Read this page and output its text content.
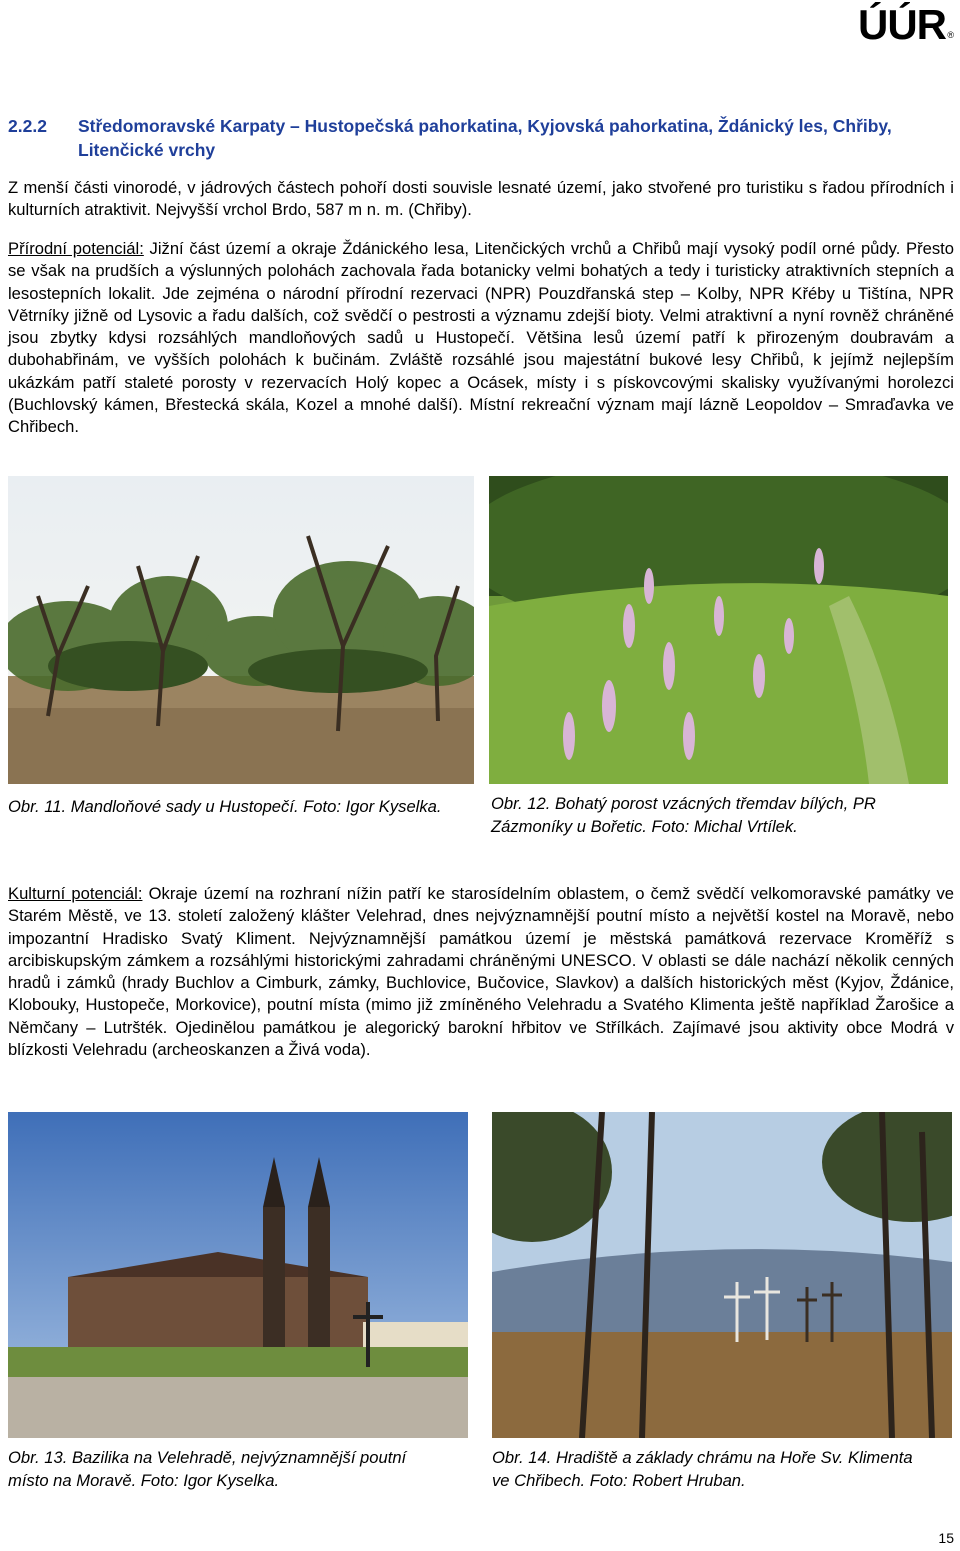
ÚÚR ®
2.2.2	Středomoravské Karpaty – Hustopečská pahorkatina, Kyjovská pahorkatina, Ždánický les, Chřiby, Litenčické vrchy
Z menší části vinorodé, v jádrových částech pohoří dosti souvisle lesnaté území, jako stvořené pro turistiku s řadou přírodních i kulturních atraktivit. Nejvyšší vrchol Brdo, 587 m n. m. (Chřiby).
Přírodní potenciál: Jižní část území a okraje Ždánického lesa, Litenčických vrchů a Chřibů mají vysoký podíl orné půdy. Přesto se však na prudších a výslunných polohách zachovala řada botanicky velmi bohatých a tedy i turisticky atraktivních stepních a lesostepních lokalit. Jde zejména o národní přírodní rezervaci (NPR) Pouzdřanská step – Kolby, NPR Křéby u Tištína, NPR Větrníky jižně od Lysovic a řadu dalších, což svědčí o pestrosti a významu zdejší bioty. Velmi atraktivní a nyní rovněž chráněné jsou zbytky kdysi rozsáhlých mandloňových sadů u Hustopečí. Většina lesů území patří k přirozeným doubravám a dubohabřinám, ve vyšších polohách k bučinám. Zvláště rozsáhlé jsou majestátní bukové lesy Chřibů, k jejímž nejlepším ukázkám patří staleté porosty v rezervacích Holý kopec a Ocásek, místy i s pískovcovými skalisky využívanými horolezci (Buchlovský kámen, Břestecká skála, Kozel a mnohé další). Místní rekreační význam mají lázně Leopoldov – Smraďavka ve Chřibech.
Obr. 11. Mandloňové sady u Hustopečí. Foto: Igor Kyselka.	Obr. 12. Bohatý porost vzácných třemdav bílých, PR Zázmoníky u Bořetic. Foto: Michal Vrtílek.
Kulturní potenciál: Okraje území na rozhraní nížin patří ke starosídelním oblastem, o čemž svědčí velkomoravské památky ve Starém Městě, ve 13. století založený klášter Velehrad, dnes nejvýznamnější poutní místo a největší kostel na Moravě, nebo impozantní Hradisko Svatý Kliment. Nejvýznamnější památkou území je městská památková rezervace Kroměříž s arcibiskupským zámkem a rozsáhlými historickými zahradami chráněnými UNESCO. V oblasti se dále nachází několik cenných hradů i zámků (hrady Buchlov a Cimburk, zámky, Buchlovice, Bučovice, Slavkov) a dalších historických měst (Kyjov, Ždánice, Klobouky, Hustopeče, Morkovice), poutní místa (mimo již zmíněného Velehradu a Svatého Klimenta ještě například Žarošice a Němčany – Lutršték. Ojedinělou památkou je alegorický barokní hřbitov ve Střílkách. Zajímavé jsou aktivity obce Modrá v blízkosti Velehradu (archeoskanzen a Živá voda).
Obr. 13. Bazilika na Velehradě, nejvýznamnější poutní místo na Moravě. Foto: Igor Kyselka.
Obr. 14. Hradiště a základy chrámu na Hoře Sv. Klimenta ve Chřibech. Foto: Robert Hruban.
15
